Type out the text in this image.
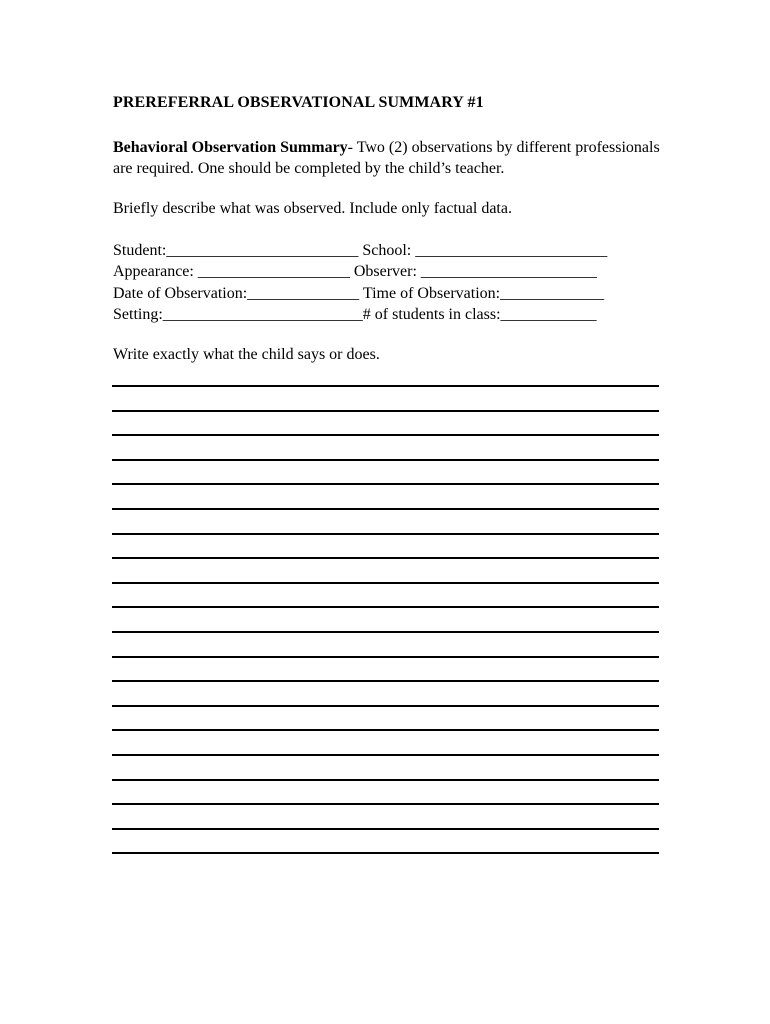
PREREFERRAL OBSERVATIONAL SUMMARY #1
Behavioral Observation Summary- Two (2) observations by different professionals are required. One should be completed by the child’s teacher.
Briefly describe what was observed. Include only factual data.
Student:________________________ School: ________________________
Appearance: ___________________ Observer: ______________________
Date of Observation:______________ Time of Observation:_____________
Setting:_________________________# of students in class:____________
Write exactly what the child says or does.
